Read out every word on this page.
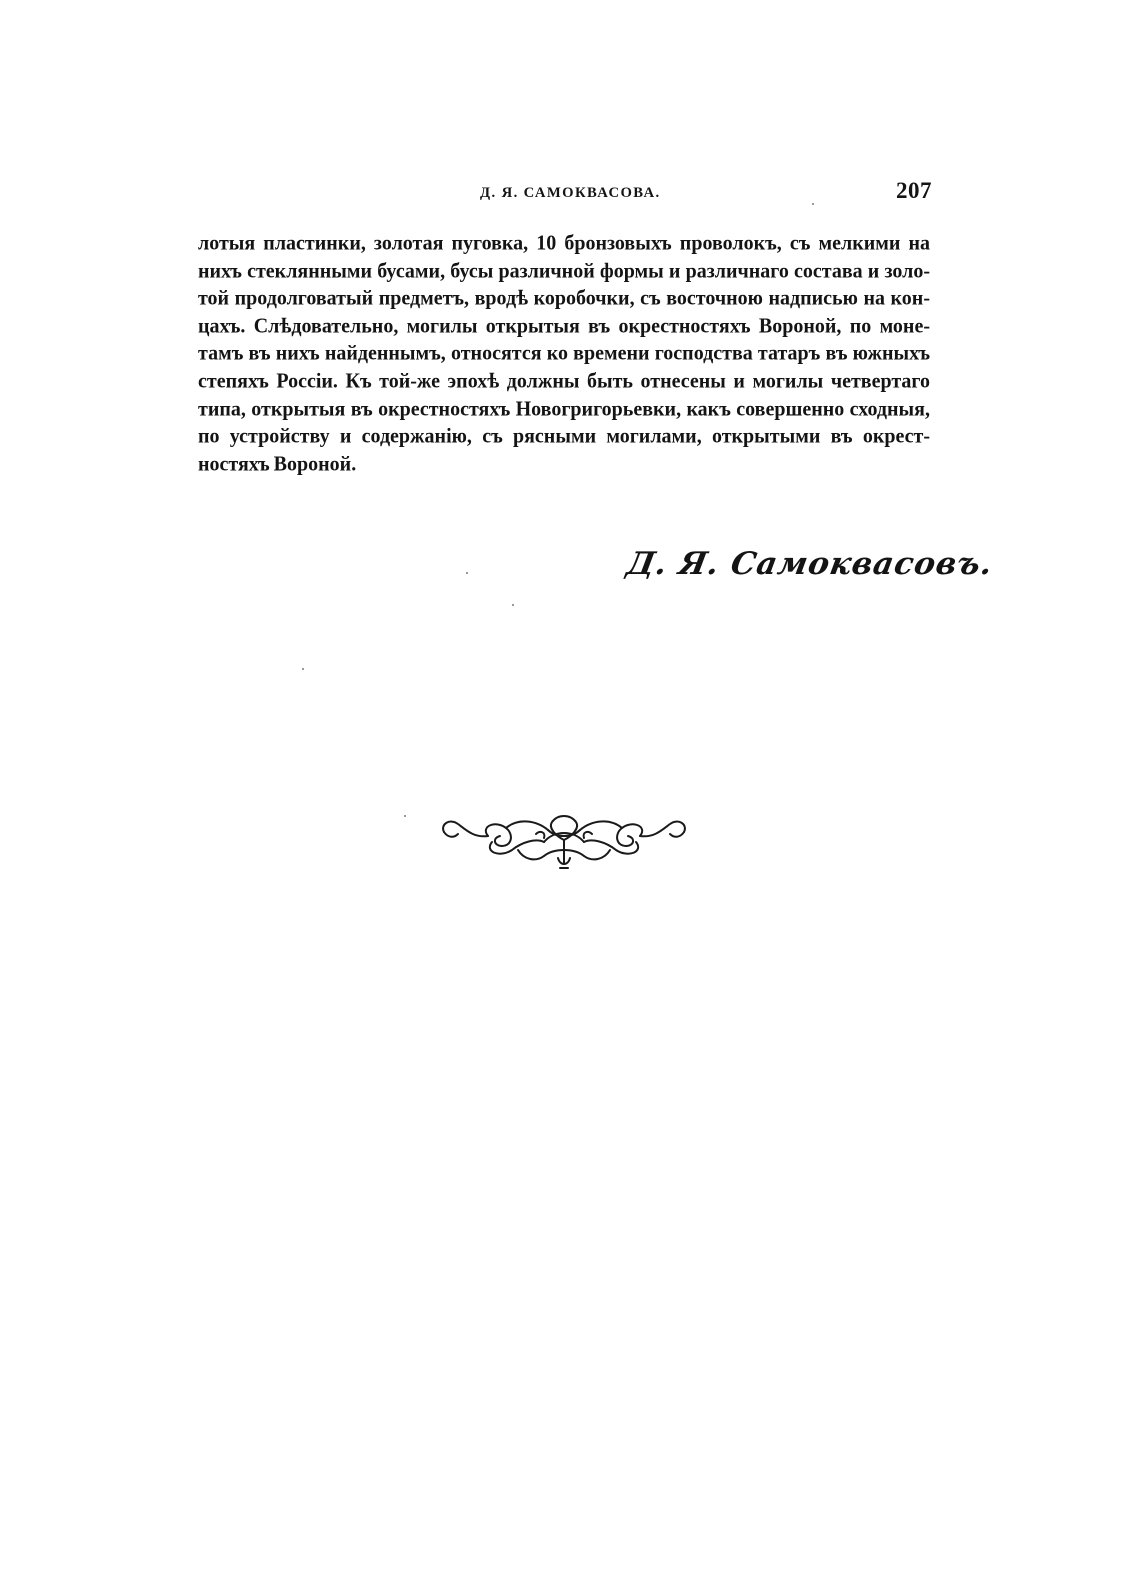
Д. Я. САМОКВАСОВА.	207
лотыя пластинки, золотая пуговка, 10 бронзовыхъ проволокъ, съ мелкими на
нихъ стеклянными бусами, бусы различной формы и различнаго состава и золо-
той продолговатый предметъ, вродѣ коробочки, съ восточною надписью на кон-
цахъ. Слѣдовательно, могилы открытыя въ окрестностяхъ Вороной, по моне-
тамъ въ нихъ найденнымъ, относятся ко времени господства татаръ въ южныхъ
степяхъ Россіи. Къ той-же эпохѣ должны быть отнесены и могилы четвертаго
типа, открытыя въ окрестностяхъ Новогригорьевки, какъ совершенно сходныя,
по устройству и содержанію, съ рясными могилами, открытыми въ окрест-
ностяхъ Вороной.
Д. Я. Самоквасовъ.
